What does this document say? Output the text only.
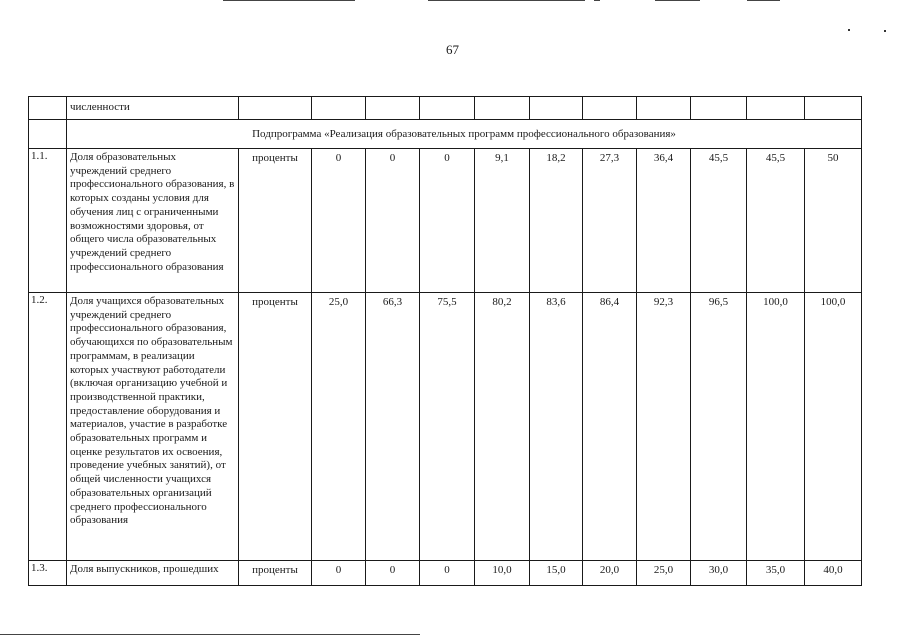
67
	численности											
	Подпрограмма «Реализация образовательных программ профессионального образования»											
1.1.	Доля образовательных учреждений среднего профессионального образования, в которых созданы условия для обучения лиц с ограниченными возможностями здоровья, от общего числа образовательных учреждений среднего профессионального образования	проценты	0	0	0	9,1	18,2	27,3	36,4	45,5	45,5	50
1.2.	Доля учащихся образовательных учреждений среднего профессионального образования, обучающихся по образовательным программам, в реализации которых участвуют работодатели (включая организацию учебной и производственной практики, предоставление оборудования и материалов, участие в разработке образовательных программ и оценке результатов их освоения, проведение учебных занятий), от общей численности учащихся образовательных организаций среднего профессионального образования	проценты	25,0	66,3	75,5	80,2	83,6	86,4	92,3	96,5	100,0	100,0
1.3.	Доля выпускников, прошедших	проценты	0	0	0	10,0	15,0	20,0	25,0	30,0	35,0	40,0
